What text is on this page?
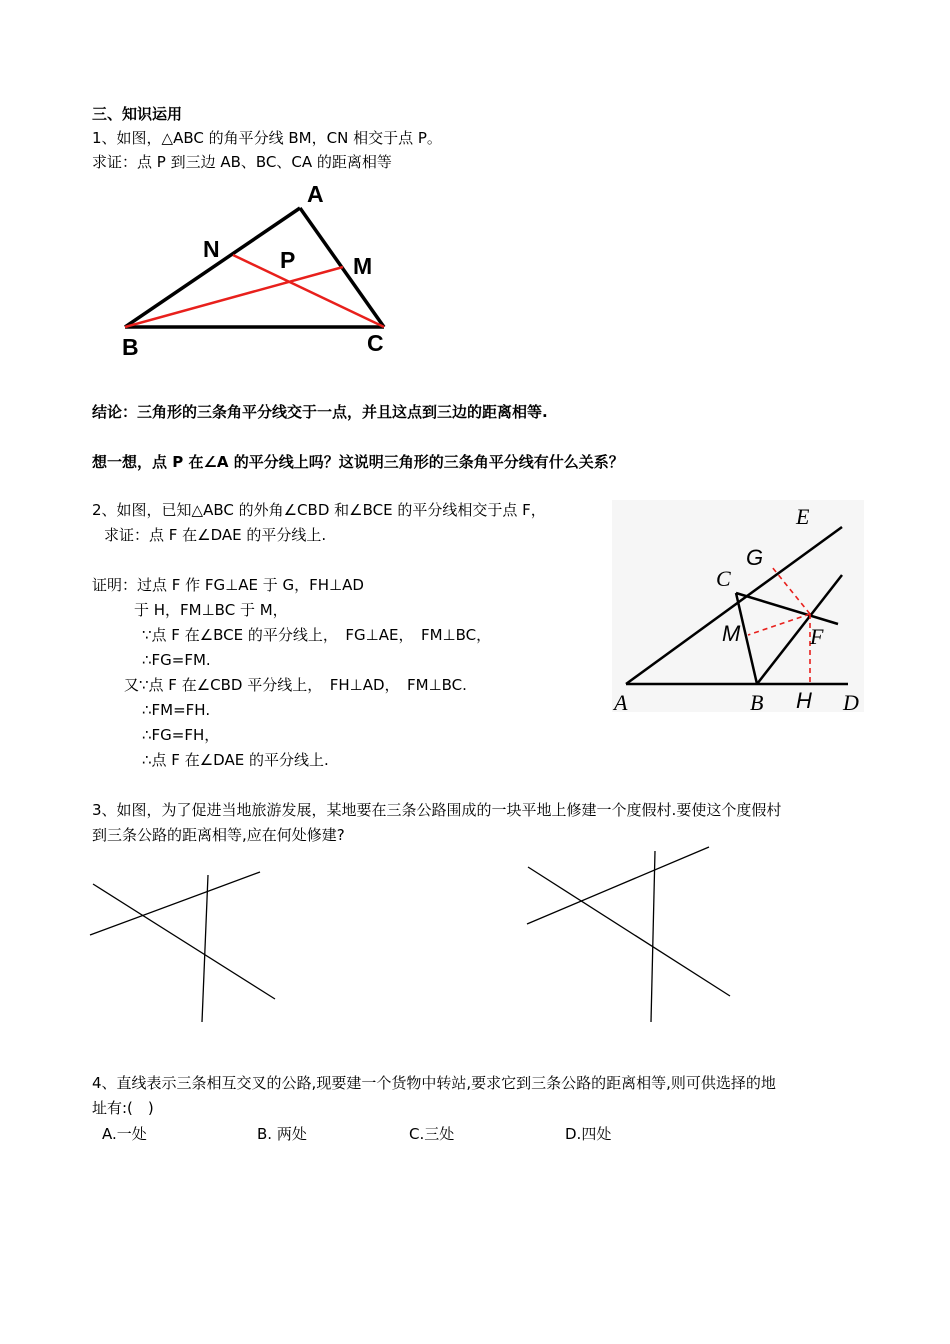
三、知识运用
1、如图，△ABC 的角平分线 BM，CN 相交于点 P。
求证：点 P 到三边 AB、BC、CA 的距离相等
A
B	C
N
M
P
结论：三角形的三条角平分线交于一点，并且这点到三边的距离相等.
想一想，点 P 在∠A 的平分线上吗？这说明三角形的三条角平分线有什么关系？
2、如图，已知△ABC 的外角∠CBD 和∠BCE 的平分线相交于点 F，
求证：点 F 在∠DAE 的平分线上.
证明：过点 F 作 FG⊥AE 于 G，FH⊥AD
于 H，FM⊥BC 于 M，
∵点 F 在∠BCE 的平分线上，　FG⊥AE，　FM⊥BC，
∴FG=FM.
又∵点 F 在∠CBD 平分线上，　FH⊥AD，　FM⊥BC.
∴FM=FH.
∴FG=FH，
∴点 F 在∠DAE 的平分线上.
E
G
C
M	F
A	B H D
3、如图，为了促进当地旅游发展，某地要在三条公路围成的一块平地上修建一个度假村.要使这个度假村
到三条公路的距离相等,应在何处修建?
4、直线表示三条相互交叉的公路,现要建一个货物中转站,要求它到三条公路的距离相等,则可供选择的地
址有:(　)
A.一处	B. 两处	C.三处	D.四处
